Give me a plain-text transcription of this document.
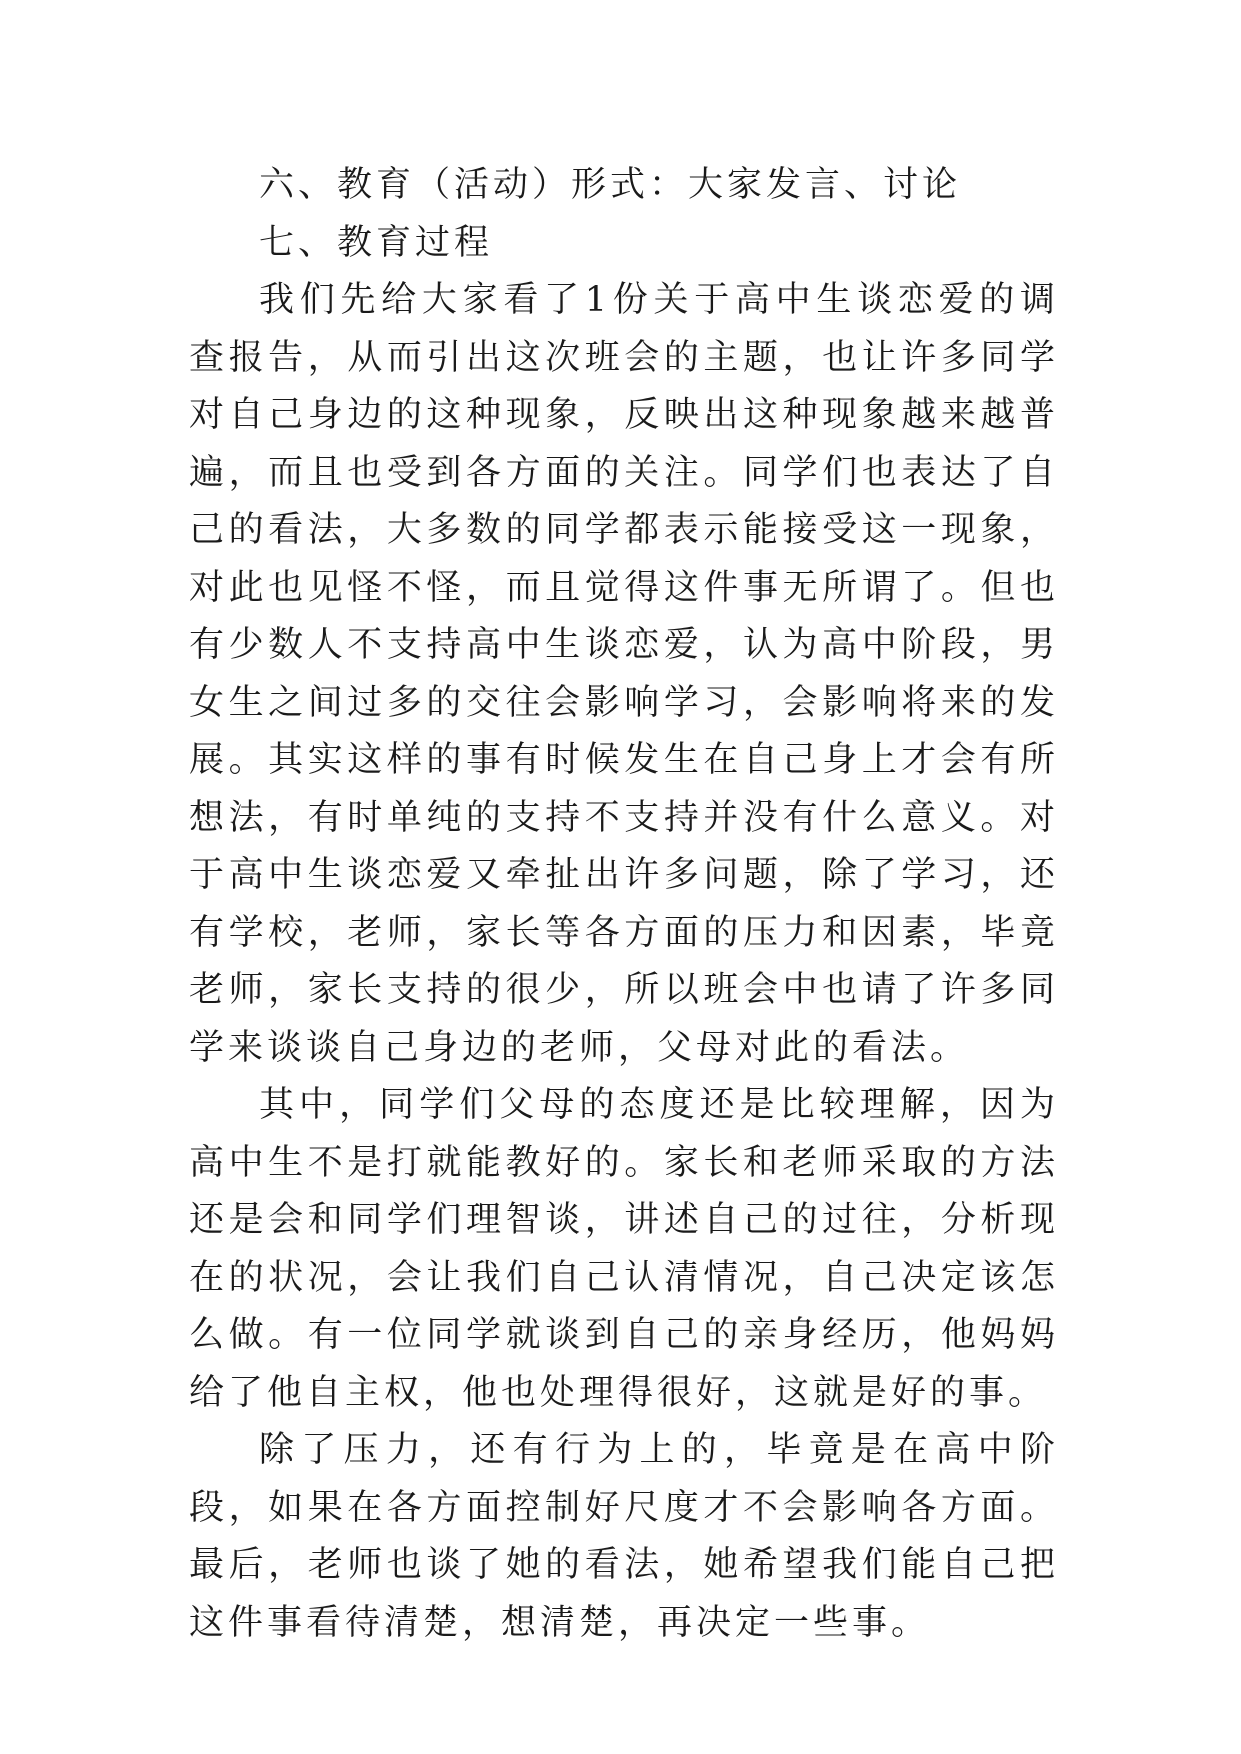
六、教育（活动）形式：大家发言、讨论

七、教育过程

我们先给大家看了1份关于高中生谈恋爱的调查报告，从而引出这次班会的主题，也让许多同学对自己身边的这种现象，反映出这种现象越来越普遍，而且也受到各方面的关注。同学们也表达了自己的看法，大多数的同学都表示能接受这一现象，对此也见怪不怪，而且觉得这件事无所谓了。但也有少数人不支持高中生谈恋爱，认为高中阶段，男女生之间过多的交往会影响学习，会影响将来的发展。其实这样的事有时候发生在自己身上才会有所想法，有时单纯的支持不支持并没有什么意义。对于高中生谈恋爱又牵扯出许多问题，除了学习，还有学校，老师，家长等各方面的压力和因素，毕竟老师，家长支持的很少，所以班会中也请了许多同学来谈谈自己身边的老师，父母对此的看法。

其中，同学们父母的态度还是比较理解，因为高中生不是打就能教好的。家长和老师采取的方法还是会和同学们理智谈，讲述自己的过往，分析现在的状况，会让我们自己认清情况，自己决定该怎么做。有一位同学就谈到自己的亲身经历，他妈妈给了他自主权，他也处理得很好，这就是好的事。

除了压力，还有行为上的，毕竟是在高中阶段，如果在各方面控制好尺度才不会影响各方面。最后，老师也谈了她的看法，她希望我们能自己把这件事看待清楚，想清楚，再决定一些事。
